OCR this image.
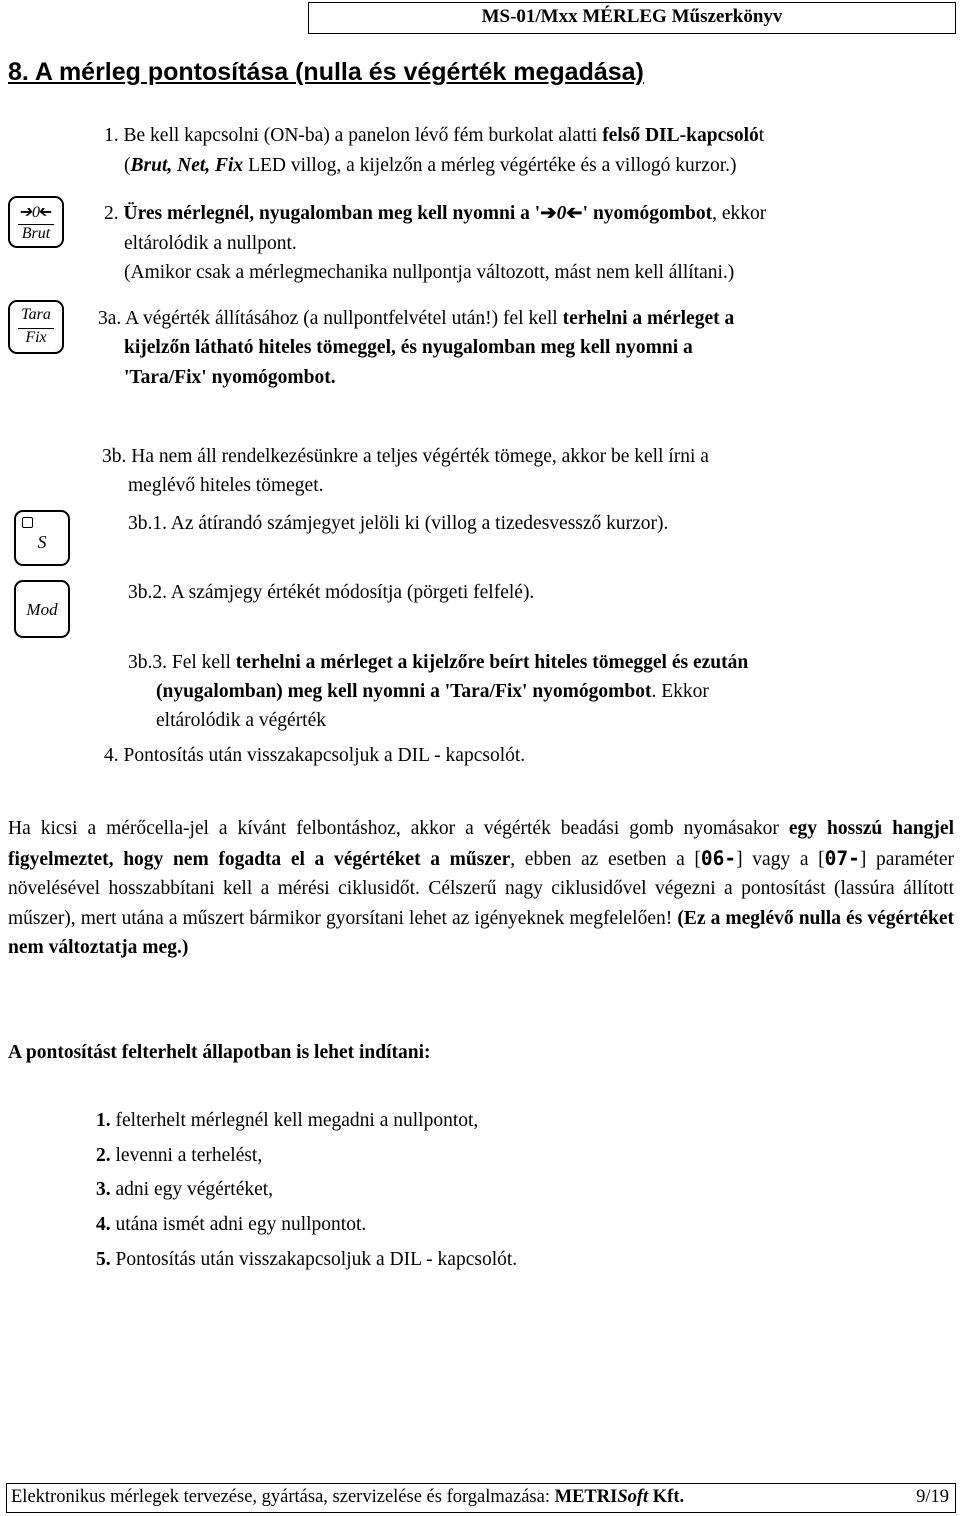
MS-01/Mxx MÉRLEG Műszerkönyv
8. A mérleg pontosítása (nulla és végérték megadása)
➔0➔
Brut
Tara
Fix
S
Mod
1. Be kell kapcsolni (ON-ba) a panelon lévő fém burkolat alatti felső DIL-kapcsolót
(Brut, Net, Fix LED villog, a kijelzőn a mérleg végértéke és a villogó kurzor.)
2. Üres mérlegnél, nyugalomban meg kell nyomni a '➔0➔' nyomógombot, ekkor
eltárolódik a nullpont.
(Amikor csak a mérlegmechanika nullpontja változott, mást nem kell állítani.)
3a. A végérték állításához (a nullpontfelvétel után!) fel kell terhelni a mérleget a
kijelzőn látható hiteles tömeggel, és nyugalomban meg kell nyomni a
'Tara/Fix' nyomógombot.
3b. Ha nem áll rendelkezésünkre a teljes végérték tömege, akkor be kell írni a
meglévő hiteles tömeget.
3b.1. Az átírandó számjegyet jelöli ki (villog a tizedesvessző kurzor).
3b.2. A számjegy értékét módosítja (pörgeti felfelé).
3b.3. Fel kell terhelni a mérleget a kijelzőre beírt hiteles tömeggel és ezután
(nyugalomban) meg kell nyomni a 'Tara/Fix' nyomógombot. Ekkor
eltárolódik a végérték
4. Pontosítás után visszakapcsoljuk a DIL - kapcsolót.
Ha kicsi a mérőcella-jel a kívánt felbontáshoz, akkor a végérték beadási gomb nyomásakor egy hosszú hangjel figyelmeztet, hogy nem fogadta el a végértéket a műszer, ebben az esetben a [06-] vagy a [07-] paraméter növelésével hosszabbítani kell a mérési ciklusidőt. Célszerű nagy ciklusidővel végezni a pontosítást (lassúra állított műszer), mert utána a műszert bármikor gyorsítani lehet az igényeknek megfelelően! (Ez a meglévő nulla és végértéket nem változtatja meg.)
A pontosítást felterhelt állapotban is lehet indítani:
1. felterhelt mérlegnél kell megadni a nullpontot,
2. levenni a terhelést,
3. adni egy végértéket,
4. utána ismét adni egy nullpontot.
5. Pontosítás után visszakapcsoljuk a DIL - kapcsolót.
Elektronikus mérlegek tervezése, gyártása, szervizelése és forgalmazása: METRISoft Kft.	9/19
